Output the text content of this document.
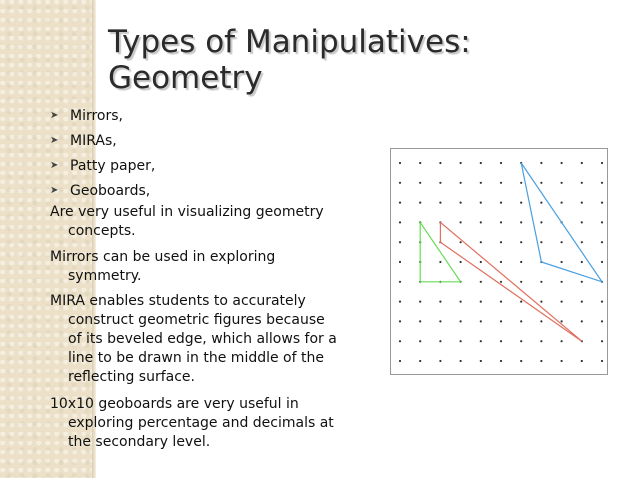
Types of Manipulatives:
Geometry
➤ Mirrors,
➤ MIRAs,
➤ Patty paper,
➤ Geoboards,

Are very useful in visualizing geometry concepts.

Mirrors can be used in exploring symmetry.

MIRA enables students to accurately construct geometric figures because of its beveled edge, which allows for a line to be drawn in the middle of the reflecting surface.

10x10 geoboards are very useful in exploring percentage and decimals at the secondary level.
